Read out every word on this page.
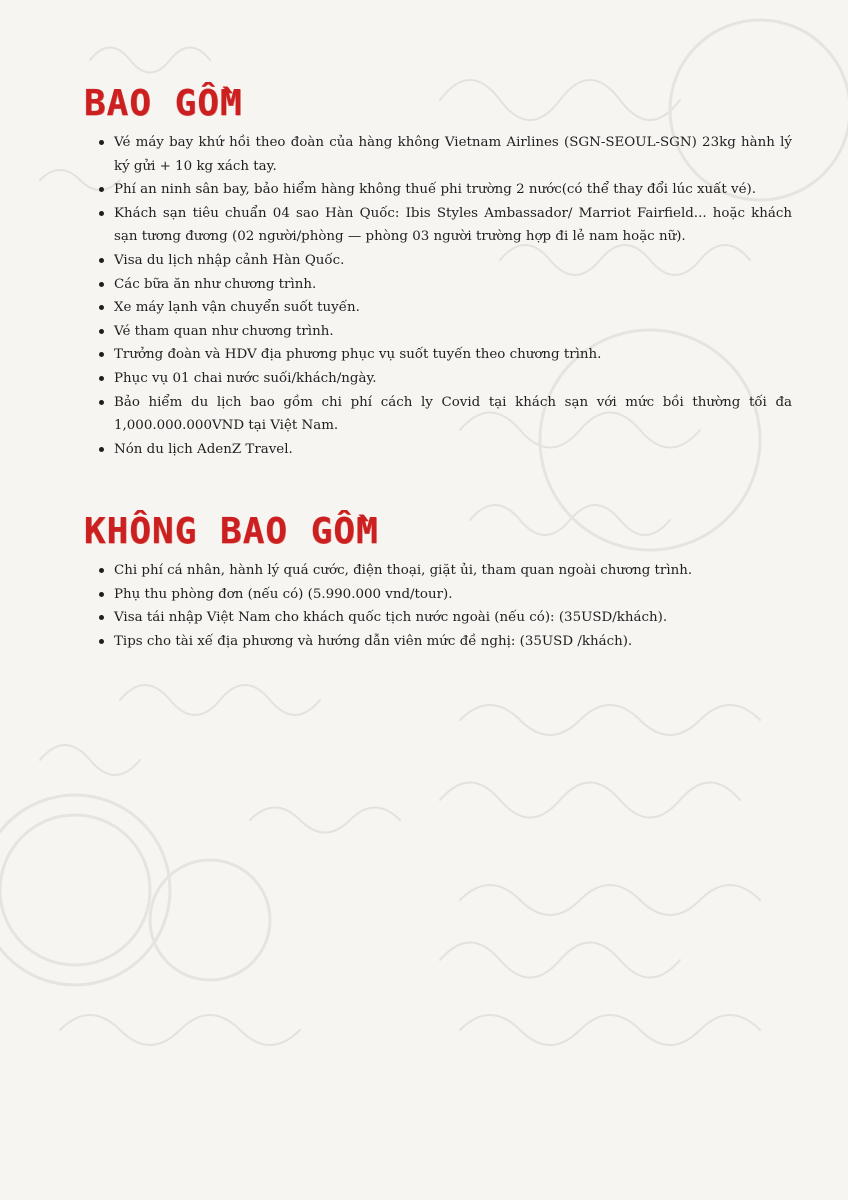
BAO GỒM
Vé máy bay khứ hồi theo đoàn của hàng không Vietnam Airlines (SGN-SEOUL-SGN) 23kg hành lý ký gửi + 10 kg xách tay.
Phí an ninh sân bay, bảo hiểm hàng không thuế phi trường 2 nước(có thể thay đổi lúc xuất vé).
Khách sạn tiêu chuẩn 04 sao Hàn Quốc: Ibis Styles Ambassador/ Marriot Fairfield... hoặc khách sạn tương đương (02 người/phòng — phòng 03 người trường hợp đi lẻ nam hoặc nữ).
Visa du lịch nhập cảnh Hàn Quốc.
Các bữa ăn như chương trình.
Xe máy lạnh vận chuyển suốt tuyến.
Vé tham quan như chương trình.
Trưởng đoàn và HDV địa phương phục vụ suốt tuyến theo chương trình.
Phục vụ 01 chai nước suối/khách/ngày.
Bảo hiểm du lịch bao gồm chi phí cách ly Covid tại khách sạn với mức bồi thường tối đa 1,000.000.000VND tại Việt Nam.
Nón du lịch AdenZ Travel.
KHÔNG BAO GỒM
Chi phí cá nhân, hành lý quá cước, điện thoại, giặt ủi, tham quan ngoài chương trình.
Phụ thu phòng đơn (nếu có) (5.990.000 vnd/tour).
Visa tái nhập Việt Nam cho khách quốc tịch nước ngoài (nếu có): (35USD/khách).
Tips cho tài xế địa phương và hướng dẫn viên mức đề nghị: (35USD /khách).
